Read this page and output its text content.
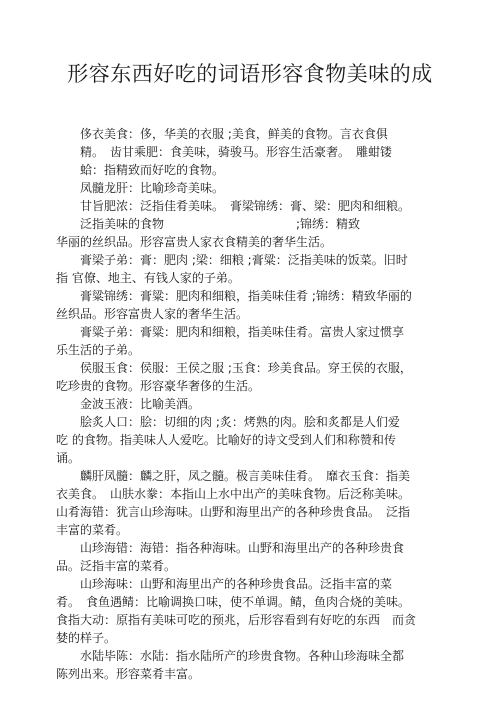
形容东西好吃的词语形容食物美味的成
　　侈衣美食：侈，华美的衣服 ;美食，鲜美的食物。言衣食俱
　　精。　齿甘乘肥：食美味，骑骏马。形容生活豪奢。　雕蚶镂
　　蛤：指精致而好吃的食物。
　　凤髓龙肝：比喻珍奇美味。
　　甘旨肥浓：泛指佳肴美味。　膏梁锦绣：膏、梁：肥肉和细粮。
　　泛指美味的食物　　　　　　　　　　　;锦绣：精致
华丽的丝织品。形容富贵人家衣食精美的奢华生活。
　　膏梁子弟：膏：肥肉 ;梁：细粮 ;膏粱：泛指美味的饭菜。旧时
指 官僚、地主、有钱人家的子弟。
　　膏粱锦绣：膏粱：肥肉和细粮，指美味佳肴 ;锦绣：精致华丽的
丝织品。形容富贵人家的奢华生活。
　　膏粱子弟：膏粱：肥肉和细粮，指美味佳肴。富贵人家过惯享
乐生活的子弟。
　　侯服玉食：侯服：王侯之服 ;玉食：珍美食品。穿王侯的衣服，
吃珍贵的食物。形容豪华奢侈的生活。
　　金波玉液：比喻美酒。
　　脍炙人口：脍：切细的肉 ;炙：烤熟的肉。脍和炙都是人们爱
吃 的食物。指美味人人爱吃。比喻好的诗文受到人们和称赞和传
诵。
　　麟肝凤髓：麟之肝，凤之髓。极言美味佳肴。　靡衣玉食：指美
衣美食。　山肤水豢：本指山上水中出产的美味食物。后泛称美味。
山肴海错：犹言山珍海味。山野和海里出产的各种珍贵食品。　泛指
丰富的菜肴。
　　山珍海错：海错：指各种海味。山野和海里出产的各种珍贵食
品。泛指丰富的菜肴。
　　山珍海味：山野和海里出产的各种珍贵食品。泛指丰富的菜
肴。　食鱼遇鲭：比喻调换口味，使不单调。鲭，鱼肉合烧的美味。
食指大动：原指有美味可吃的预兆，后形容看到有好吃的东西　而贪
婪的样子。
　　水陆毕陈：水陆：指水陆所产的珍贵食物。各种山珍海味全都
陈列出来。形容菜肴丰富。
